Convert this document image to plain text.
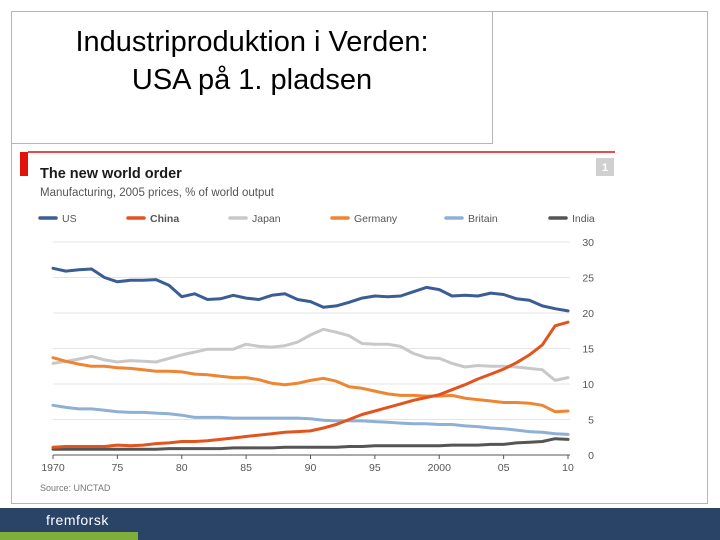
Industriproduktion i Verden:
USA på 1. pladsen
The new world order
Manufacturing, 2005 prices, % of world output
1
US	China	Japan	Germany	Britain	India
30
25
20
15
10
5
0
1970	75	80	85	90	95	2000	05	10
Source: UNCTAD
fremforsk
